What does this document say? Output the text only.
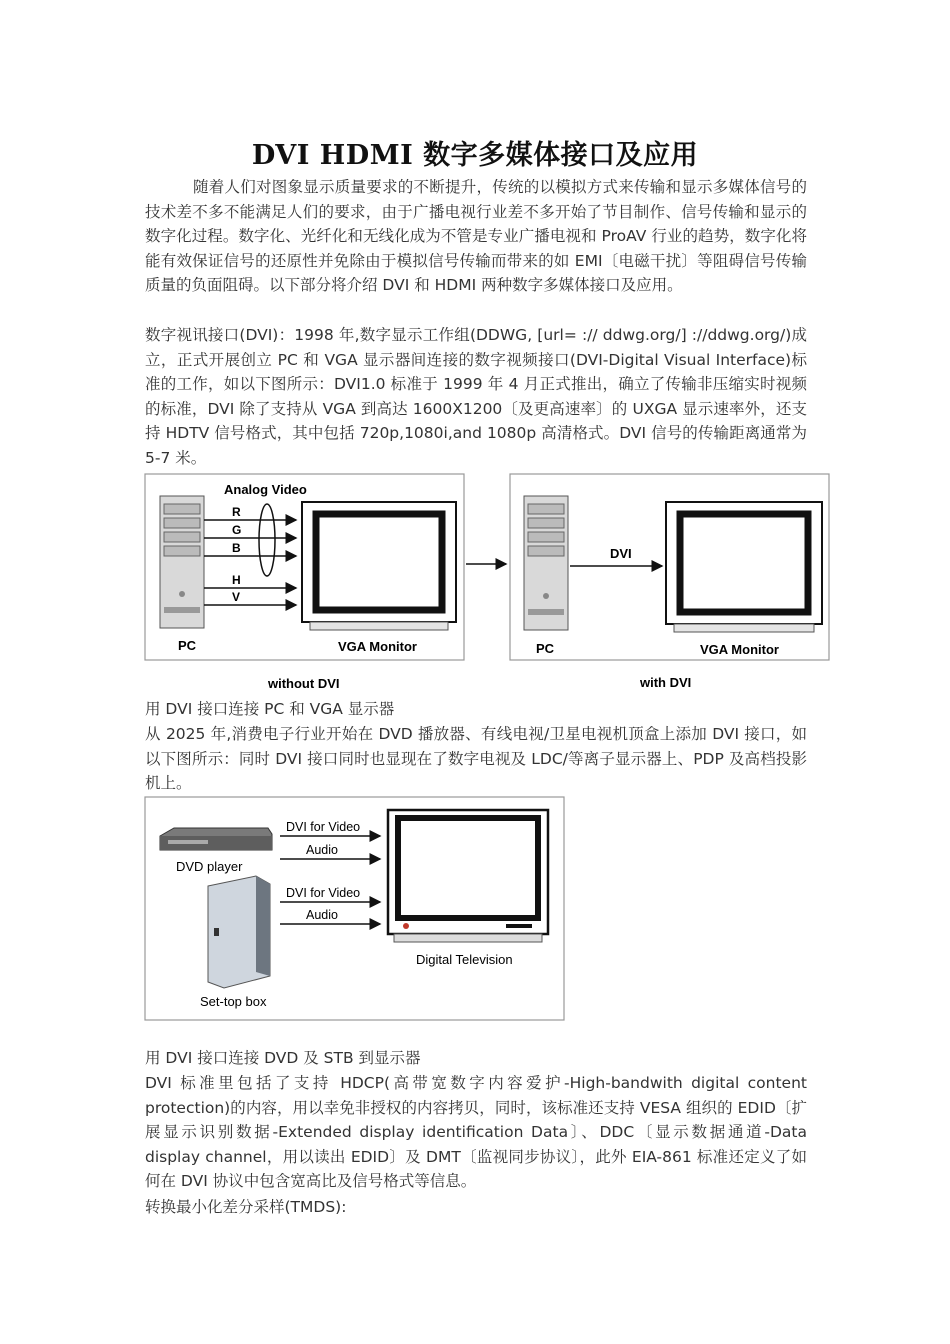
DVI HDMI 数字多媒体接口及应用

随着人们对图象显示质量要求的不断提升，传统的以模拟方式来传输和显示多媒体信号的技术差不多不能满足人们的要求，由于广播电视行业差不多开始了节目制作、信号传输和显示的数字化过程。数字化、光纤化和无线化成为不管是专业广播电视和 ProAV 行业的趋势，数字化将能有效保证信号的还原性并免除由于模拟信号传输而带来的如 EMI〔电磁干扰〕等阻碍信号传输质量的负面阻碍。以下部分将介绍 DVI 和 HDMI 两种数字多媒体接口及应用。

数字视讯接口(DVI)：1998 年,数字显示工作组(DDWG, [url= :// ddwg.org/] ://ddwg.org/)成立，正式开展创立 PC 和 VGA 显示器间连接的数字视频接口(DVI-Digital Visual Interface)标准的工作，如以下图所示：DVI1.0 标准于 1999 年 4 月正式推出，确立了传输非压缩实时视频的标准，DVI 除了支持从 VGA 到高达 1600X1200〔及更高速率〕的 UXGA 显示速率外，还支持 HDTV 信号格式，其中包括 720p,1080i,and 1080p 高清格式。DVI 信号的传输距离通常为 5-7 米。

Analog Video
R
G
B
H
V
PC	VGA Monitor
DVI
PC	VGA Monitor
without DVI	with DVI

用 DVI 接口连接 PC 和 VGA 显示器

从 2025 年,消费电子行业开始在 DVD 播放器、有线电视/卫星电视机顶盒上添加 DVI 接口，如以下图所示：同时 DVI 接口同时也显现在了数字电视及 LDC/等离子显示器上、PDP 及高档投影机上。

DVD player
Set-top box
DVI for Video
Audio
DVI for Video
Audio
Digital Television

用 DVI 接口连接 DVD 及 STB 到显示器

DVI 标准里包括了支持 HDCP(高带宽数字内容爱护-High-bandwith digital content protection)的内容，用以幸免非授权的内容拷贝，同时，该标准还支持 VESA 组织的 EDID〔扩展显示识别数据-Extended display identification Data〕、DDC〔显示数据通道-Data display channel，用以读出 EDID〕及 DMT〔监视同步协议〕，此外 EIA-861 标准还定义了如何在 DVI 协议中包含宽高比及信号格式等信息。

转换最小化差分采样(TMDS):
